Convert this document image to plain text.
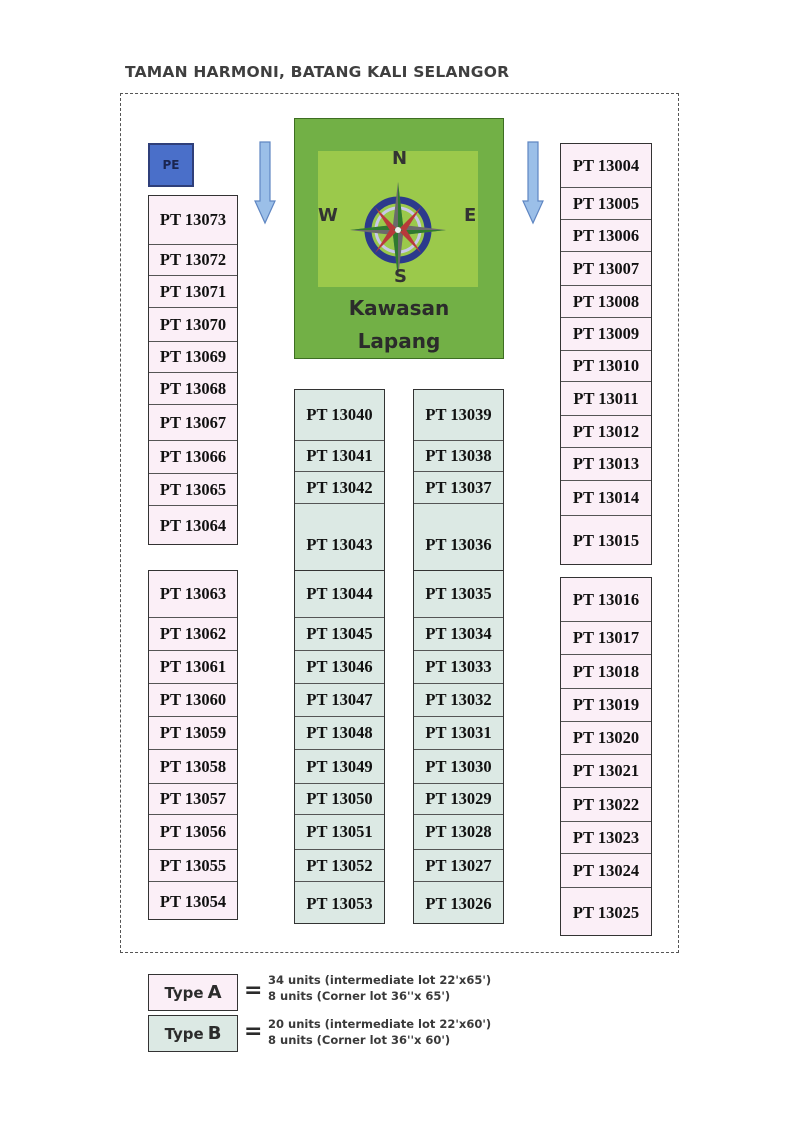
TAMAN HARMONI, BATANG KALI SELANGOR
PE	N
S
W	E
Kawasan
Lapang
PT 13073
PT 13072
PT 13071
PT 13070
PT 13069
PT 13068
PT 13067
PT 13066
PT 13065
PT 13064
PT 13063
PT 13062
PT 13061
PT 13060
PT 13059
PT 13058
PT 13057
PT 13056
PT 13055
PT 13054
PT 13040
PT 13041
PT 13042
PT 13043
PT 13039
PT 13038
PT 13037
PT 13036
PT 13044
PT 13045
PT 13046
PT 13047
PT 13048
PT 13049
PT 13050
PT 13051
PT 13052
PT 13053
PT 13035
PT 13034
PT 13033
PT 13032
PT 13031
PT 13030
PT 13029
PT 13028
PT 13027
PT 13026
PT 13004
PT 13005
PT 13006
PT 13007
PT 13008
PT 13009
PT 13010
PT 13011
PT 13012
PT 13013
PT 13014
PT 13015
PT 13016
PT 13017
PT 13018
PT 13019
PT 13020
PT 13021
PT 13022
PT 13023
PT 13024
PT 13025
Type A = 34 units (intermediate lot 22'x65')
8 units (Corner lot 36''x 65')
Type B = 20 units (intermediate lot 22'x60')
8 units (Corner lot 36''x 60')
